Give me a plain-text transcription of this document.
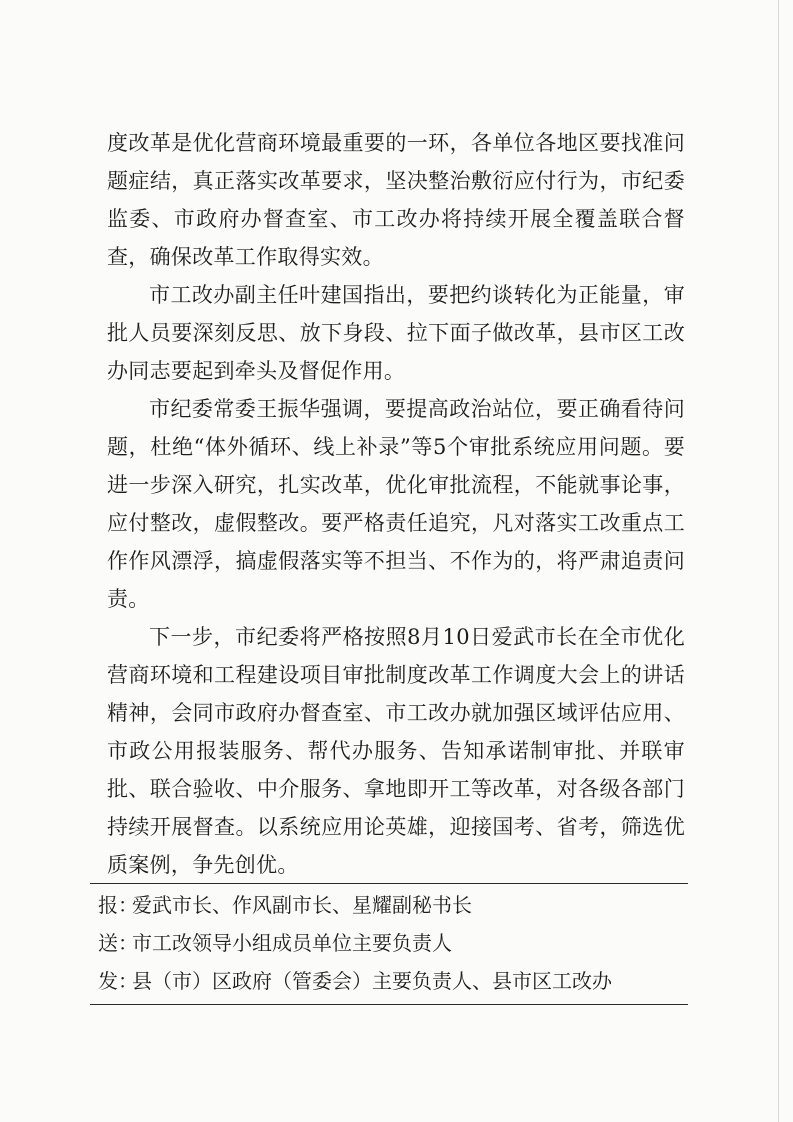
度改革是优化营商环境最重要的一环，各单位各地区要找准问题症结，真正落实改革要求，坚决整治敷衍应付行为，市纪委监委、市政府办督查室、市工改办将持续开展全覆盖联合督查，确保改革工作取得实效。

市工改办副主任叶建国指出，要把约谈转化为正能量，审批人员要深刻反思、放下身段、拉下面子做改革，县市区工改办同志要起到牵头及督促作用。

市纪委常委王振华强调，要提高政治站位，要正确看待问题，杜绝“体外循环、线上补录”等5个审批系统应用问题。要进一步深入研究，扎实改革，优化审批流程，不能就事论事，应付整改，虚假整改。要严格责任追究，凡对落实工改重点工作作风漂浮，搞虚假落实等不担当、不作为的，将严肃追责问责。

下一步，市纪委将严格按照8月10日爱武市长在全市优化营商环境和工程建设项目审批制度改革工作调度大会上的讲话精神，会同市政府办督查室、市工改办就加强区域评估应用、市政公用报装服务、帮代办服务、告知承诺制审批、并联审批、联合验收、中介服务、拿地即开工等改革，对各级各部门持续开展督查。以系统应用论英雄，迎接国考、省考，筛选优质案例，争先创优。

报：爱武市长、作风副市长、星耀副秘书长
送：市工改领导小组成员单位主要负责人
发：县（市）区政府（管委会）主要负责人、县市区工改办
